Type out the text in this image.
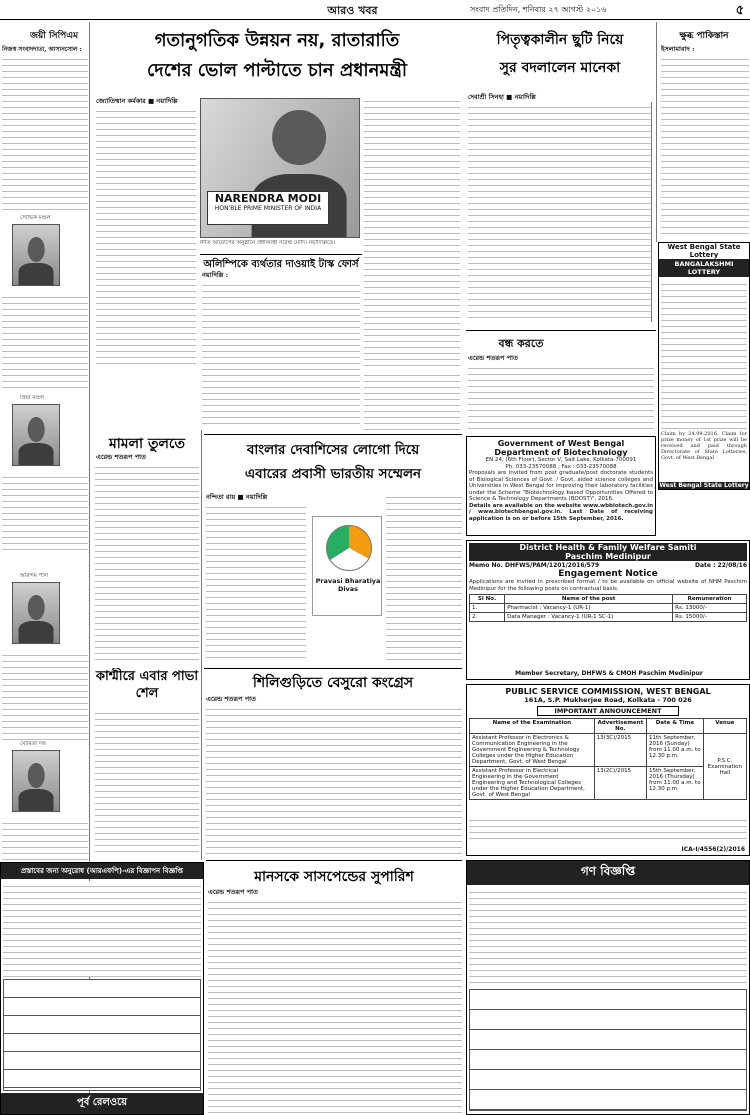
আরও খবর	সংবাদ প্রতিদিন, শনিবার ২৭ আগস্ট ২০১৬	৫
জয়ী সিপিএম
নিজস্ব সংবাদদাতা, আসানসোল :
সৌভিক মণ্ডল
প্রিয়া মণ্ডল
অরিন্দম পাল
মৌমিতা দত্ত
মামলা তুলতে
এরেন্ড শতরূপ পাত
কাশ্মীরে এবার পাভা শেল
গতানুগতিক উন্নয়ন নয়, রাতারাতি
দেশের ভোল পাল্টাতে চান প্রধানমন্ত্রী
জ্যোতিষ্মান কর্মকার ■ নয়াদিল্লি
NARENDRA MODI
HON'BLE PRIME MINISTER OF INDIA
নীতি আয়োগের অনুষ্ঠানে প্রধানমন্ত্রী নরেন্দ্র মোদি। নয়াদিল্লিতে।
অলিম্পিকে ব্যর্থতার দাওয়াই টাস্ক ফোর্স
নয়াদিল্লি :
বাংলার দেবাশিসের লোগো দিয়ে
এবারের প্রবাসী ভারতীয় সম্মেলন
নন্দিতা রায় ■ নয়াদিল্লি
Pravasi Bharatiya Divas
শিলিগুড়িতে বেসুরো কংগ্রেস
এরেন্ড শতরূপ পাত
পিতৃত্বকালীন ছুটি নিয়ে
সুর বদলালেন মানেকা
দেবাশ্রী সিনহা ■ নয়াদিল্লি
বন্ধ করতে
এরেন্ড শতরূপ পাত
ক্ষুব্ধ পাকিস্তান
ইসলামাবাদ :
West Bengal State Lottery
BANGALAKSHMI LOTTERY
Claim by 24.09.2016. Claim for prize money of 1st prize will be received and paid through Directorate of State Lotteries, Govt. of West Bengal
West Bengal State Lottery
Government of West Bengal
Department of Biotechnology
EN 24, (6th Floor), Sector V, Salt Lake, Kolkata-700091
Ph: 033-23570088 ; Fax : 033-23570088
Proposals are invited from post graduate/post doctorate students of Biological Sciences of Govt. / Govt. aided science colleges and Universities in West Bengal for improving their laboratory facilities under the Scheme "Biotechnology based Opportunities Offered to Science & Technology Departments (BOOST)", 2016.
Details are available on the website www.wbbiotech.gov.in / www.biotechbengal.gov.in. Last Date of receiving application is on or before 15th September, 2016.
District Health & Family Welfare Samiti
Paschim Medinipur
Memo No. DHFWS/PAM/1201/2016/579	Date : 22/08/16
Engagement Notice
Applications are invited in prescribed format / to be available on official website of NHM Paschim Medinipur for the following posts on contractual basis.
Sl No.	Name of the post	Remuneration
1.	Pharmacist : Vacancy-1 (UR-1)	Rs. 13000/-
2.	Data Manager : Vacancy-1 (UR-1 SC-1)	Rs. 15000/-
Member Secretary, DHFWS & CMOH Paschim Medinipur
PUBLIC SERVICE COMMISSION, WEST BENGAL
161A, S.P. Mukherjee Road, Kolkata - 700 026
IMPORTANT ANNOUNCEMENT
Name of the Examination	Advertisement No.	Date & Time	Venue
Assistant Professor in Electronics & Communication Engineering in the Government Engineering & Technology Colleges under the Higher Education Department, Govt. of West Bengal	13(3C)/2015	11th September, 2016 (Sunday) from 11.00 a.m. to 12.30 p.m.	P.S.C. Examination Hall
Assistant Professor in Electrical Engineering in the Government Engineering and Technological Colleges under the Higher Education Department, Govt. of West Bengal	13(2C)/2015	15th September, 2016 (Thursday) from 11.00 a.m. to 12.30 p.m.	
ICA-I/4556(2)/2016
প্রস্তাবের জন্য অনুরোধ (আরএফপি)-এর বিজ্ঞাপন বিজ্ঞপ্তি
পূর্ব রেলওয়ে
মানসকে সাসপেন্ডের সুপারিশ
এরেন্ড শতরূপ পাত
গণ বিজ্ঞপ্তি
